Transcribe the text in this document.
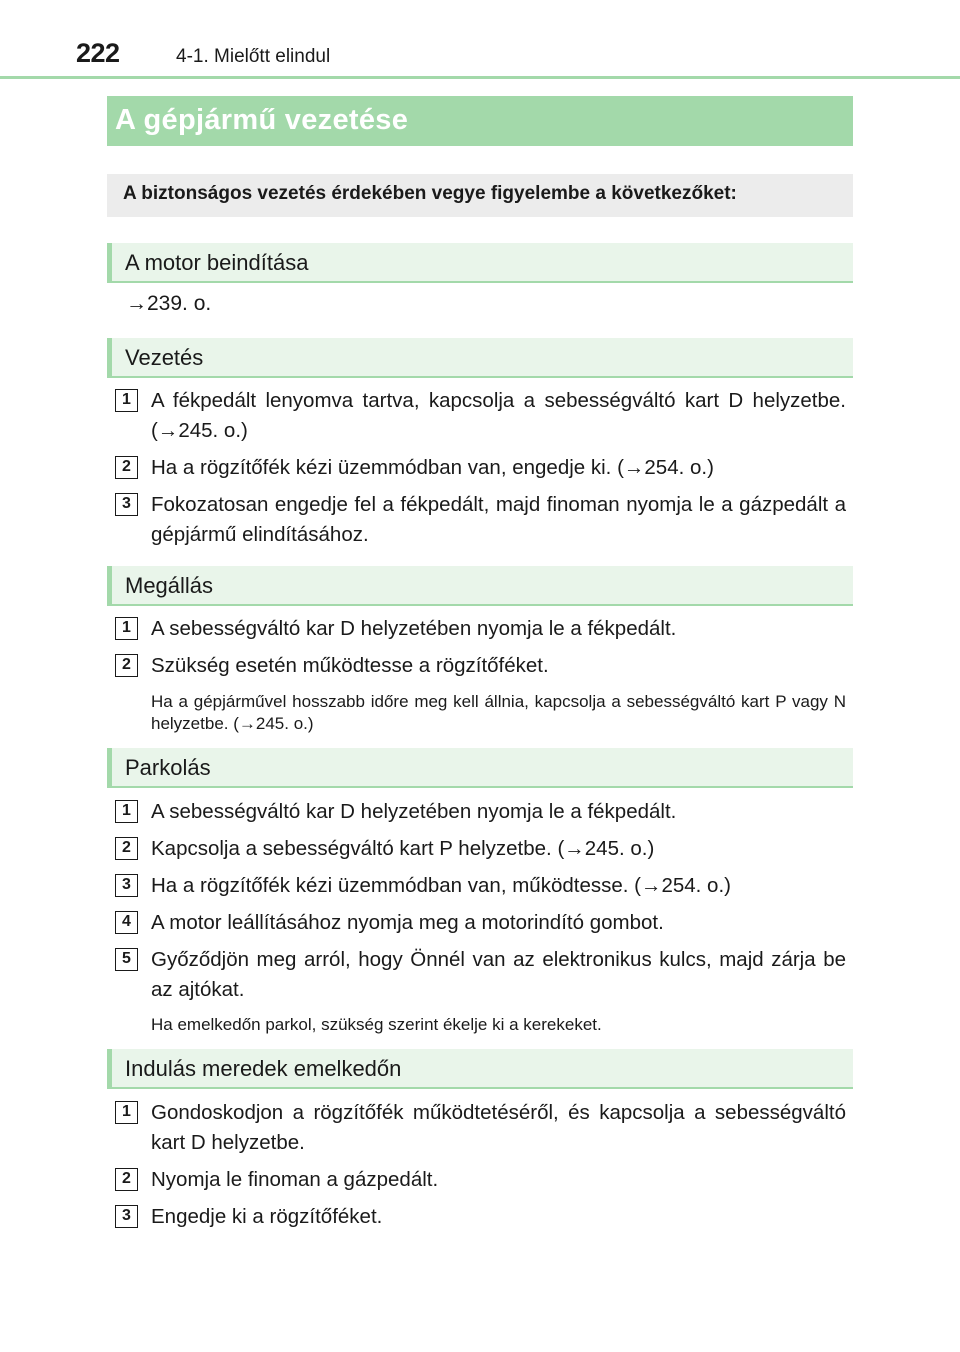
222	4-1. Mielőtt elindul
A gépjármű vezetése
A biztonságos vezetés érdekében vegye figyelembe a következőket:
A motor beindítása
→239. o.
Vezetés
1 A fékpedált lenyomva tartva, kapcsolja a sebességváltó kart D helyzetbe. (→245. o.)
2 Ha a rögzítőfék kézi üzemmódban van, engedje ki. (→254. o.)
3 Fokozatosan engedje fel a fékpedált, majd finoman nyomja le a gázpedált a gépjármű elindításához.
Megállás
1 A sebességváltó kar D helyzetében nyomja le a fékpedált.
2 Szükség esetén működtesse a rögzítőféket.
Ha a gépjárművel hosszabb időre meg kell állnia, kapcsolja a sebességváltó kart P vagy N helyzetbe. (→245. o.)
Parkolás
1 A sebességváltó kar D helyzetében nyomja le a fékpedált.
2 Kapcsolja a sebességváltó kart P helyzetbe. (→245. o.)
3 Ha a rögzítőfék kézi üzemmódban van, működtesse. (→254. o.)
4 A motor leállításához nyomja meg a motorindító gombot.
5 Győződjön meg arról, hogy Önnél van az elektronikus kulcs, majd zárja be az ajtókat.
Ha emelkedőn parkol, szükség szerint ékelje ki a kerekeket.
Indulás meredek emelkedőn
1 Gondoskodjon a rögzítőfék működtetéséről, és kapcsolja a sebességváltó kart D helyzetbe.
2 Nyomja le finoman a gázpedált.
3 Engedje ki a rögzítőféket.
